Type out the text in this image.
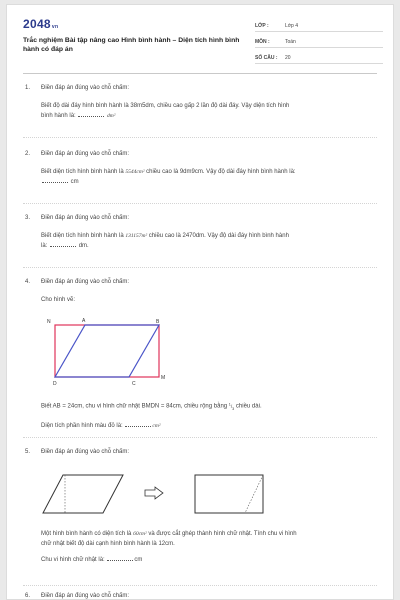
2048vn
Trắc nghiệm Bài tập nâng cao Hình bình hành – Diện tích hình bình hành có đáp án
LỚP :	Lớp 4
MÔN :	Toán
SỐ CÂU :	20
1. Điền đáp án đúng vào chỗ chấm:
Biết độ dài đáy hình bình hành là 38m5dm, chiều cao gấp 2 lần độ dài đáy. Vậy diện tích hình
bình hành là:	dm²
2. Điền đáp án đúng vào chỗ chấm:
Biết diện tích hình bình hành là 5544cm² chiều cao là 9dm9cm. Vậy độ dài đáy hình bình hành là:
cm
3. Điền đáp án đúng vào chỗ chấm:
Biết diện tích hình bình hành là 131157m² chiều cao là 2470dm. Vậy độ dài đáy hình bình hành
là:	dm.
4. Điền đáp án đúng vào chỗ chấm:
Cho hình vẽ:
N	A	B
D	C
M
Biết AB = 24cm, chu vi hình chữ nhật BMDN = 84cm, chiều rộng bằng $^1/_3$ chiều dài.
Diện tích phần hình màu đỏ là:	cm²
5. Điền đáp án đúng vào chỗ chấm:
Một hình bình hành có diện tích là 60cm² và được cắt ghép thành hình chữ nhật. Tính chu vi hình
chữ nhật biết độ dài cạnh hình bình hành là 12cm.
Chu vi hình chữ nhật là:	cm
6. Điền đáp án đúng vào chỗ chấm:
